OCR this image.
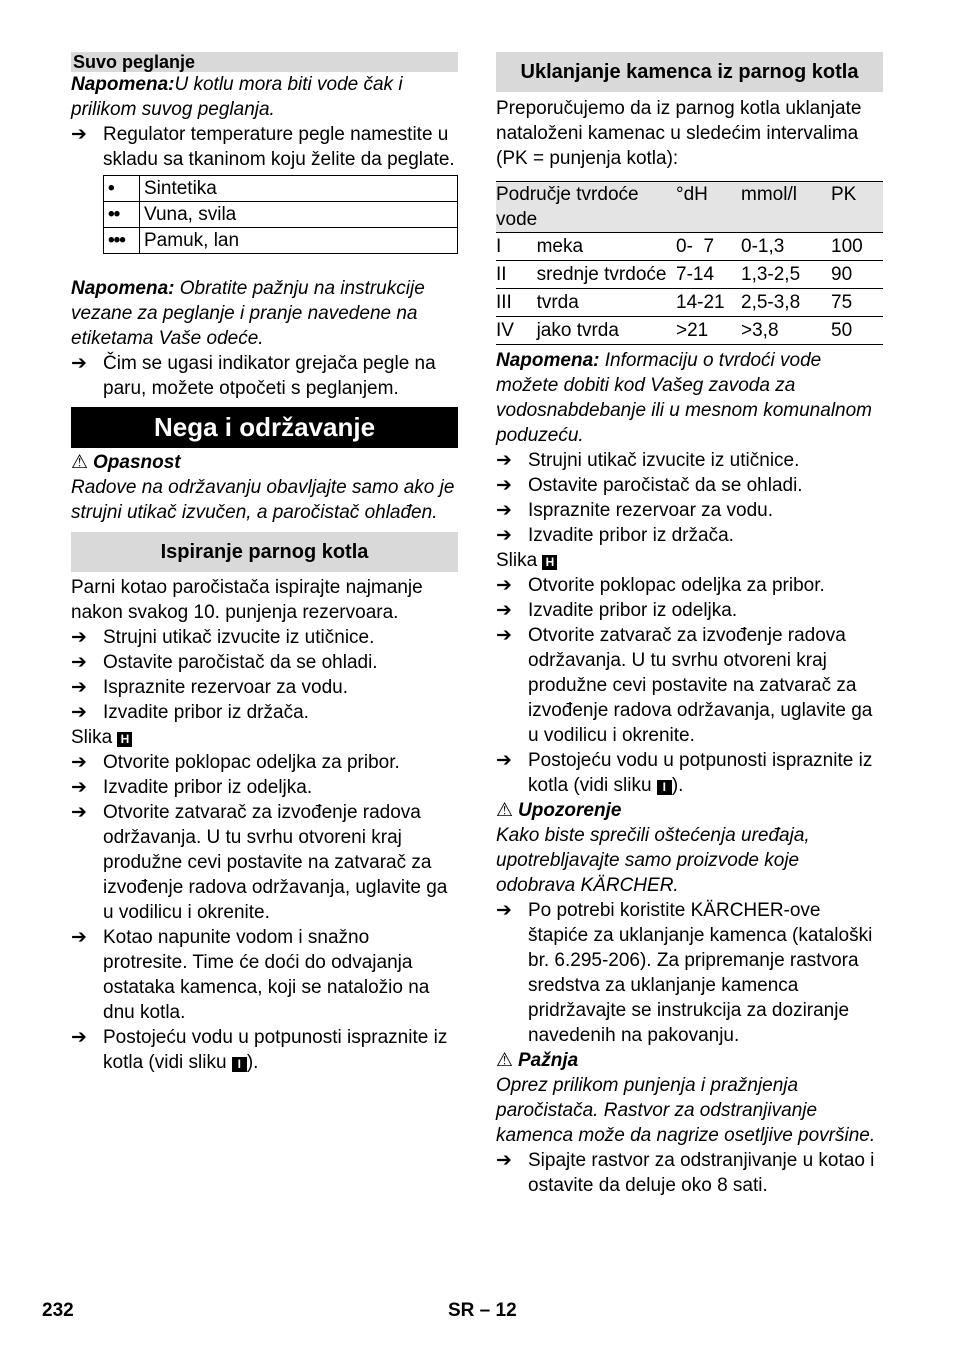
Suvo peglanje

Napomena:U kotlu mora biti vode čak i prilikom suvog peglanja.

➔ Regulator temperature pegle namestite u skladu sa tkaninom koju želite da peglate.
•	Sintetika
••	Vuna, svila
•••	Pamuk, lan

Napomena: Obratite pažnju na instrukcije vezane za peglanje i pranje navedene na etiketama Vaše odeće.

➔ Čim se ugasi indikator grejača pegle na paru, možete otpočeti s peglanjem.
Nega i održavanje

⚠ Opasnost

Radove na održavanju obavljajte samo ako je strujni utikač izvučen, a paročistač ohlađen.

Ispiranje parnog kotla

Parni kotao paročistača ispirajte najmanje nakon svakog 10. punjenja rezervoara.

➔ Strujni utikač izvucite iz utičnice.
➔ Ostavite paročistač da se ohladi.
➔ Ispraznite rezervoar za vodu.
➔ Izvadite pribor iz držača.

Slika H

➔ Otvorite poklopac odeljka za pribor.
➔ Izvadite pribor iz odeljka.
➔ Otvorite zatvarač za izvođenje radova održavanja. U tu svrhu otvoreni kraj produžne cevi postavite na zatvarač za izvođenje radova održavanja, uglavite ga u vodilicu i okrenite.
➔ Kotao napunite vodom i snažno protresite. Time će doći do odvajanja ostataka kamenca, koji se nataložio na dnu kotla.
➔ Postojeću vodu u potpunosti ispraznite iz kotla (vidi sliku I ).
Uklanjanje kamenca iz parnog kotla

Preporučujemo da iz parnog kotla uklanjate nataloženi kamenac u sledećim intervalima (PK = punjenja kotla):

Područje tvrdoće vode		°dH	mmol/l	PK
I	meka	0-  7	0-1,3	100
II	srednje tvrdoće	7-14	1,3-2,5	90
III	tvrda	14-21	2,5-3,8	75
IV	jako tvrda	>21	>3,8	50

Napomena: Informaciju o tvrdoći vode možete dobiti kod Vašeg zavoda za vodosnabdebanje ili u mesnom komunalnom poduzeću.

➔ Strujni utikač izvucite iz utičnice.
➔ Ostavite paročistač da se ohladi.
➔ Ispraznite rezervoar za vodu.
➔ Izvadite pribor iz držača.

Slika H

➔ Otvorite poklopac odeljka za pribor.
➔ Izvadite pribor iz odeljka.
➔ Otvorite zatvarač za izvođenje radova održavanja. U tu svrhu otvoreni kraj produžne cevi postavite na zatvarač za izvođenje radova održavanja, uglavite ga u vodilicu i okrenite.
➔ Postojeću vodu u potpunosti ispraznite iz kotla (vidi sliku I ).

⚠ Upozorenje

Kako biste sprečili oštećenja uređaja, upotrebljavajte samo proizvode koje odobrava KÄRCHER.

➔ Po potrebi koristite KÄRCHER-ove štapiće za uklanjanje kamenca (kataloški br. 6.295-206). Za pripremanje rastvora sredstva za uklanjanje kamenca pridržavajte se instrukcija za doziranje navedenih na pakovanju.

⚠ Pažnja

Oprez prilikom punjenja i pražnjenja paročistača. Rastvor za odstranjivanje kamenca može da nagrize osetljive površine.

➔ Sipajte rastvor za odstranjivanje u kotao i ostavite da deluje oko 8 sati.
232	SR – 12
